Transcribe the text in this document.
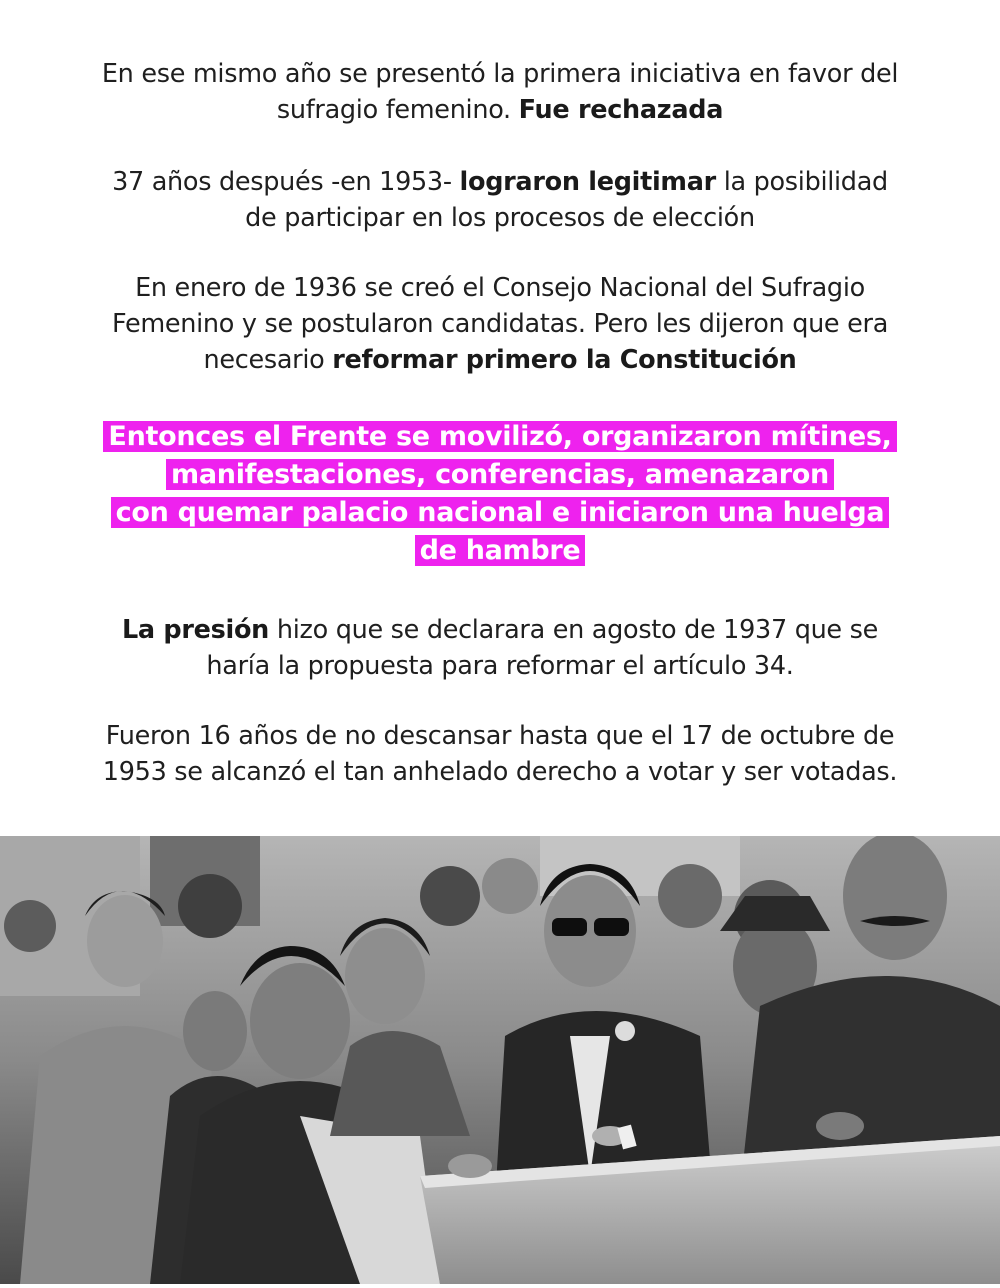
En ese mismo año se presentó la primera iniciativa en favor del
sufragio femenino. Fue rechazada
37 años después -en 1953- lograron legitimar la posibilidad
de participar en los procesos de elección
En enero de 1936 se creó el Consejo Nacional del Sufragio
Femenino y se postularon candidatas. Pero les dijeron que era
necesario reformar primero la Constitución
Entonces el Frente se movilizó, organizaron mítines,
manifestaciones, conferencias, amenazaron
con quemar palacio nacional e iniciaron una huelga
de hambre
La presión hizo que se declarara en agosto de 1937 que se
haría la propuesta para reformar el artículo 34.
Fueron 16 años de no descansar hasta que el 17 de octubre de
1953 se alcanzó el tan anhelado derecho a votar y ser votadas.
